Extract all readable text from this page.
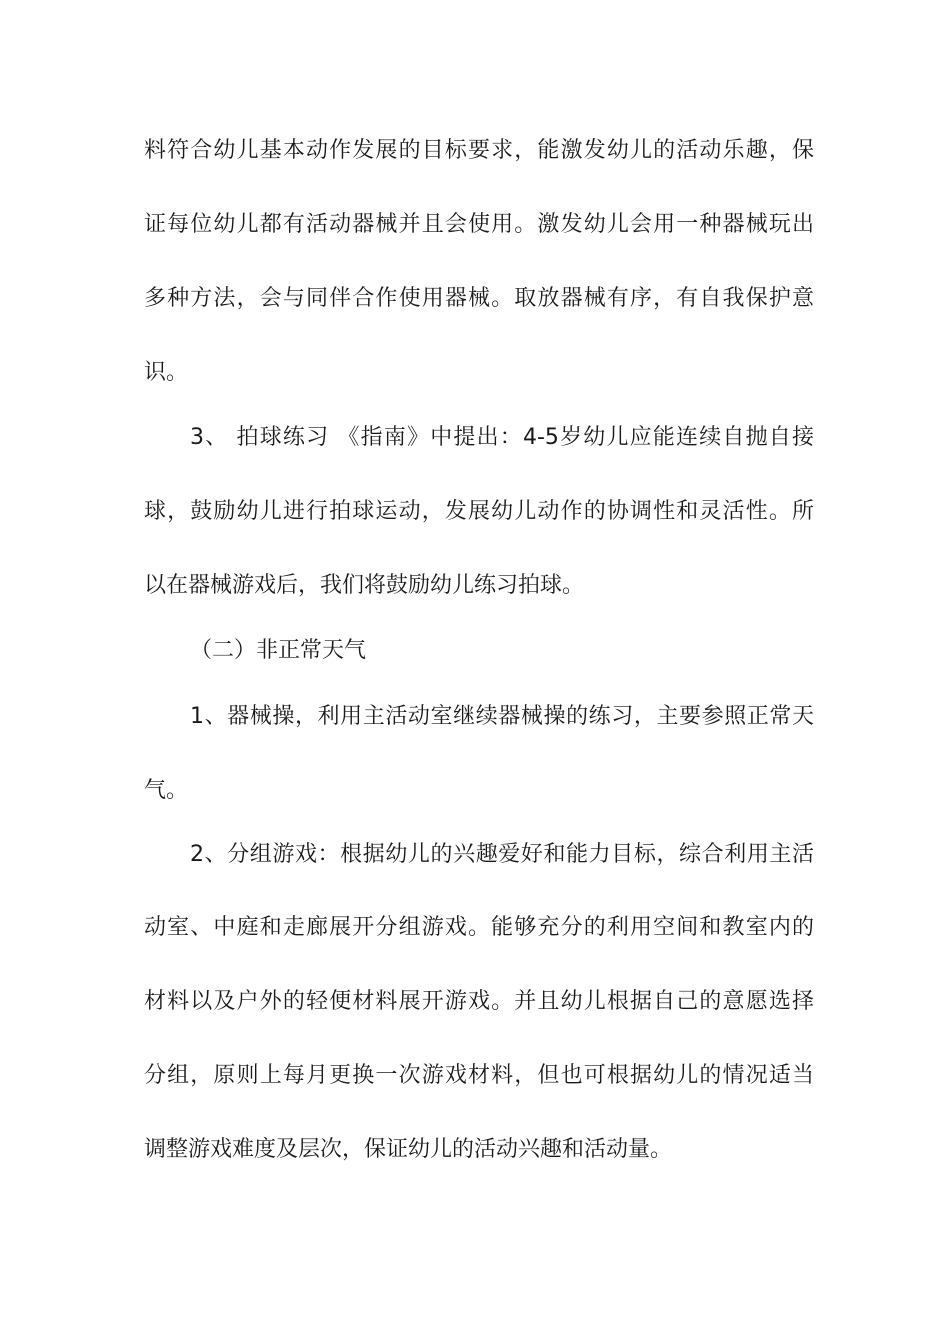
料符合幼儿基本动作发展的目标要求，能激发幼儿的活动乐趣，保
证每位幼儿都有活动器械并且会使用。激发幼儿会用一种器械玩出
多种方法，会与同伴合作使用器械。取放器械有序，有自我保护意
识。
3、 拍球练习 《指南》中提出：4-5岁幼儿应能连续自抛自接
球，鼓励幼儿进行拍球运动，发展幼儿动作的协调性和灵活性。所
以在器械游戏后，我们将鼓励幼儿练习拍球。
（二）非正常天气
1、器械操，利用主活动室继续器械操的练习，主要参照正常天
气。
2、分组游戏：根据幼儿的兴趣爱好和能力目标，综合利用主活
动室、中庭和走廊展开分组游戏。能够充分的利用空间和教室内的
材料以及户外的轻便材料展开游戏。并且幼儿根据自己的意愿选择
分组，原则上每月更换一次游戏材料，但也可根据幼儿的情况适当
调整游戏难度及层次，保证幼儿的活动兴趣和活动量。
